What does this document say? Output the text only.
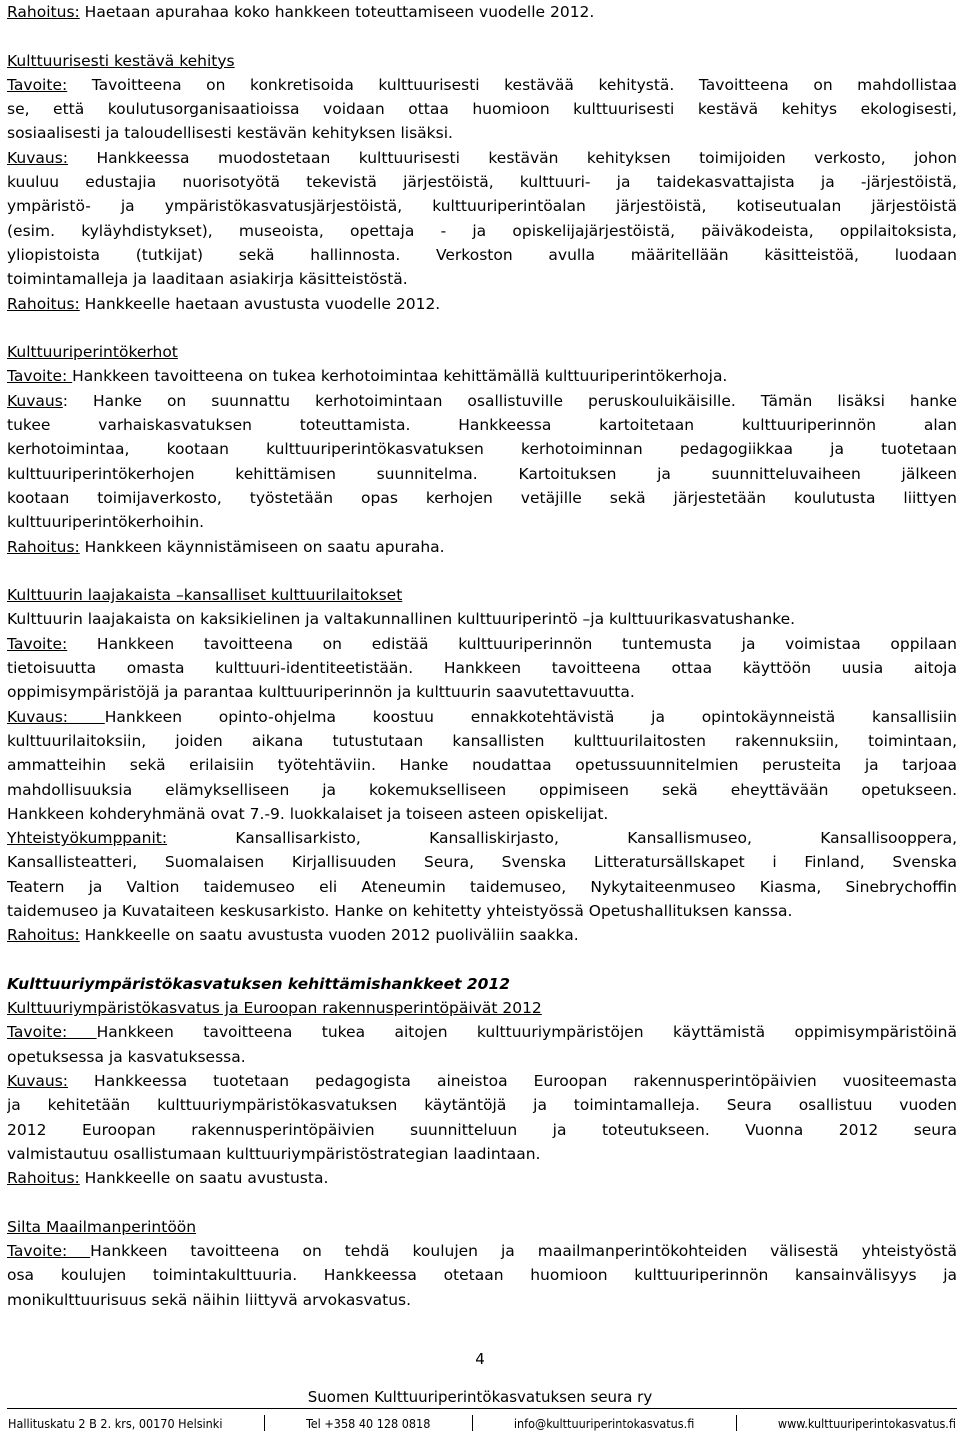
Rahoitus: Haetaan apurahaa koko hankkeen toteuttamiseen vuodelle 2012.
Kulttuurisesti kestävä kehitys
Tavoite: Tavoitteena on konkretisoida kulttuurisesti kestävää kehitystä. Tavoitteena on mahdollistaa
se, että koulutusorganisaatioissa voidaan ottaa huomioon kulttuurisesti kestävä kehitys ekologisesti,
sosiaalisesti ja taloudellisesti kestävän kehityksen lisäksi.
Kuvaus: Hankkeessa muodostetaan kulttuurisesti kestävän kehityksen toimijoiden verkosto, johon
kuuluu edustajia nuorisotyötä tekevistä järjestöistä, kulttuuri- ja taidekasvattajista ja -järjestöistä,
ympäristö- ja ympäristökasvatusjärjestöistä, kulttuuriperintöalan järjestöistä, kotiseutualan järjestöistä
(esim. kyläyhdistykset), museoista, opettaja - ja opiskelijajärjestöistä, päiväkodeista, oppilaitoksista,
yliopistoista (tutkijat) sekä hallinnosta. Verkoston avulla määritellään käsitteistöä, luodaan
toimintamalleja ja laaditaan asiakirja käsitteistöstä.
Rahoitus: Hankkeelle haetaan avustusta vuodelle 2012.
Kulttuuriperintökerhot
Tavoite: Hankkeen tavoitteena on tukea kerhotoimintaa kehittämällä kulttuuriperintökerhoja.
Kuvaus: Hanke on suunnattu kerhotoimintaan osallistuville peruskouluikäisille. Tämän lisäksi hanke
tukee varhaiskasvatuksen toteuttamista. Hankkeessa kartoitetaan kulttuuriperinnön alan
kerhotoimintaa, kootaan kulttuuriperintökasvatuksen kerhotoiminnan pedagogiikkaa ja tuotetaan
kulttuuriperintökerhojen kehittämisen suunnitelma. Kartoituksen ja suunnitteluvaiheen jälkeen
kootaan toimijaverkosto, työstetään opas kerhojen vetäjille sekä järjestetään koulutusta liittyen
kulttuuriperintökerhoihin.
Rahoitus: Hankkeen käynnistämiseen on saatu apuraha.
Kulttuurin laajakaista –kansalliset kulttuurilaitokset
Kulttuurin laajakaista on kaksikielinen ja valtakunnallinen kulttuuriperintö –ja kulttuurikasvatushanke.
Tavoite: Hankkeen tavoitteena on edistää kulttuuriperinnön tuntemusta ja voimistaa oppilaan
tietoisuutta omasta kulttuuri-identiteetistään. Hankkeen tavoitteena ottaa käyttöön uusia aitoja
oppimisympäristöjä ja parantaa kulttuuriperinnön ja kulttuurin saavutettavuutta.
Kuvaus: Hankkeen opinto-ohjelma koostuu ennakkotehtävistä ja opintokäynneistä kansallisiin
kulttuurilaitoksiin, joiden aikana tutustutaan kansallisten kulttuurilaitosten rakennuksiin, toimintaan,
ammatteihin sekä erilaisiin työtehtäviin. Hanke noudattaa opetussuunnitelmien perusteita ja tarjoaa
mahdollisuuksia elämykselliseen ja kokemukselliseen oppimiseen sekä eheyttävään opetukseen.
Hankkeen kohderyhmänä ovat 7.-9. luokkalaiset ja toiseen asteen opiskelijat.
Yhteistyökumppanit: Kansallisarkisto, Kansalliskirjasto, Kansallismuseo, Kansallisooppera,
Kansallisteatteri, Suomalaisen Kirjallisuuden Seura, Svenska Litteratursällskapet i Finland, Svenska
Teatern ja Valtion taidemuseo eli Ateneumin taidemuseo, Nykytaiteenmuseo Kiasma, Sinebrychoffin
taidemuseo ja Kuvataiteen keskusarkisto. Hanke on kehitetty yhteistyössä Opetushallituksen kanssa.
Rahoitus: Hankkeelle on saatu avustusta vuoden 2012 puoliväliin saakka.
Kulttuuriympäristökasvatuksen kehittämishankkeet 2012
Kulttuuriympäristökasvatus ja Euroopan rakennusperintöpäivät 2012
Tavoite: Hankkeen tavoitteena tukea aitojen kulttuuriympäristöjen käyttämistä oppimisympäristöinä
opetuksessa ja kasvatuksessa.
Kuvaus: Hankkeessa tuotetaan pedagogista aineistoa Euroopan rakennusperintöpäivien vuositeemasta
ja kehitetään kulttuuriympäristökasvatuksen käytäntöjä ja toimintamalleja. Seura osallistuu vuoden
2012 Euroopan rakennusperintöpäivien suunnitteluun ja toteutukseen. Vuonna 2012 seura
valmistautuu osallistumaan kulttuuriympäristöstrategian laadintaan.
Rahoitus: Hankkeelle on saatu avustusta.
Silta Maailmanperintöön
Tavoite: Hankkeen tavoitteena on tehdä koulujen ja maailmanperintökohteiden välisestä yhteistyöstä
osa koulujen toimintakulttuuria. Hankkeessa otetaan huomioon kulttuuriperinnön kansainvälisyys ja
monikulttuurisuus sekä näihin liittyvä arvokasvatus.
4
Suomen Kulttuuriperintökasvatuksen seura ry
Hallituskatu 2 B 2. krs, 00170 Helsinki	Tel +358 40 128 0818	info@kulttuuriperintokasvatus.fi	www.kulttuuriperintokasvatus.fi
